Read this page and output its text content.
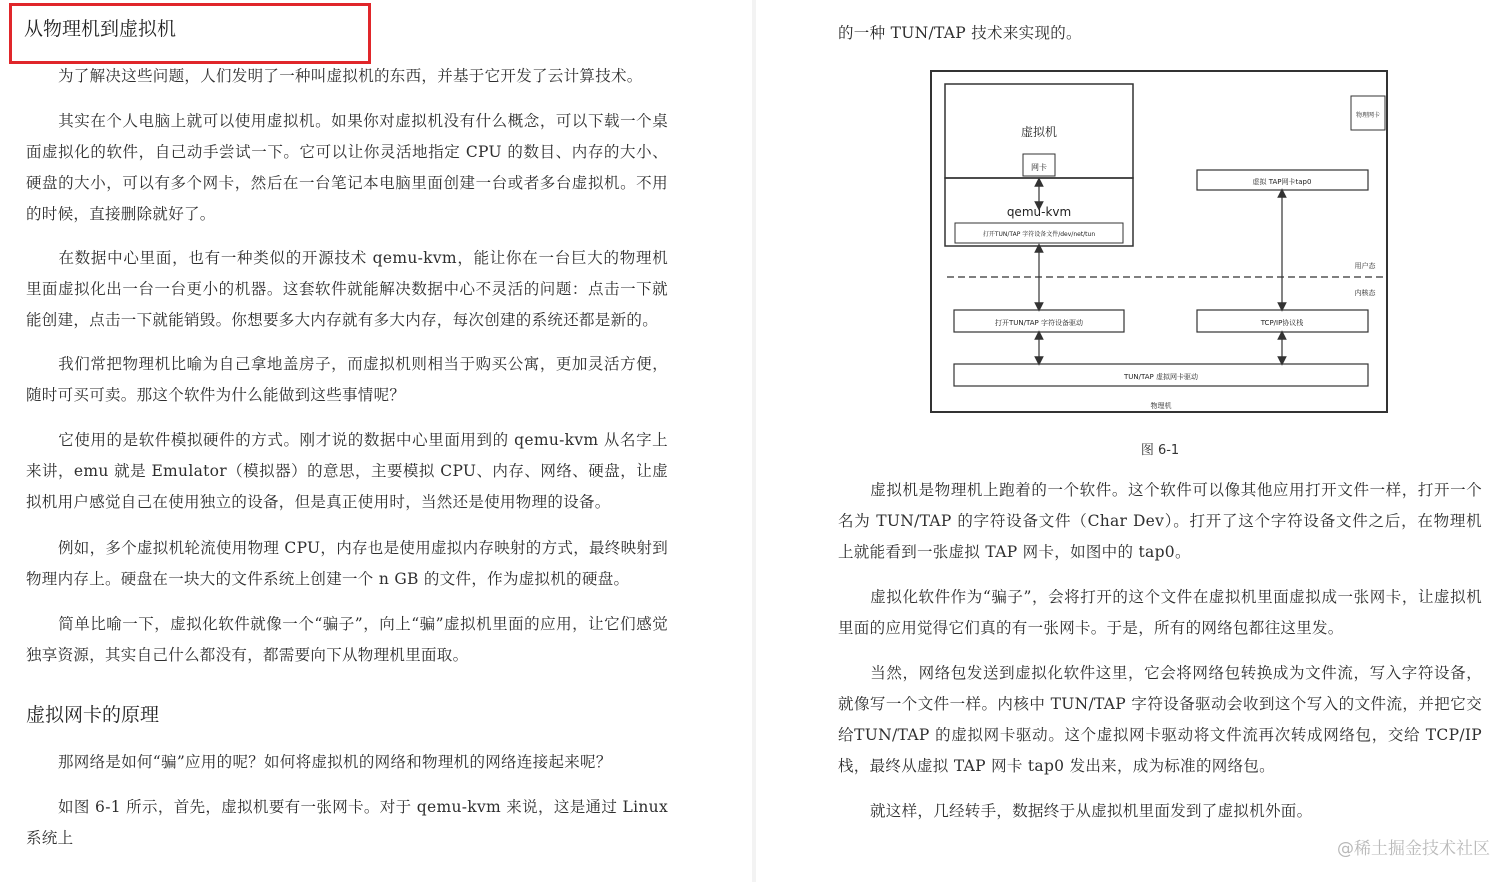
从物理机到虚拟机

为了解决这些问题，人们发明了一种叫虚拟机的东西，并基于它开发了云计算技术。

其实在个人电脑上就可以使用虚拟机。如果你对虚拟机没有什么概念，可以下载一个桌面虚拟化的软件，自己动手尝试一下。它可以让你灵活地指定 CPU 的数目、内存的大小、硬盘的大小，可以有多个网卡，然后在一台笔记本电脑里面创建一台或者多台虚拟机。不用的时候，直接删除就好了。

在数据中心里面，也有一种类似的开源技术 qemu-kvm，能让你在一台巨大的物理机里面虚拟化出一台一台更小的机器。这套软件就能解决数据中心不灵活的问题：点击一下就能创建，点击一下就能销毁。你想要多大内存就有多大内存，每次创建的系统还都是新的。

我们常把物理机比喻为自己拿地盖房子，而虚拟机则相当于购买公寓，更加灵活方便，随时可买可卖。那这个软件为什么能做到这些事情呢？

它使用的是软件模拟硬件的方式。刚才说的数据中心里面用到的 qemu-kvm 从名字上来讲，emu 就是 Emulator（模拟器）的意思，主要模拟 CPU、内存、网络、硬盘，让虚拟机用户感觉自己在使用独立的设备，但是真正使用时，当然还是使用物理的设备。

例如，多个虚拟机轮流使用物理 CPU，内存也是使用虚拟内存映射的方式，最终映射到物理内存上。硬盘在一块大的文件系统上创建一个 n GB 的文件，作为虚拟机的硬盘。

简单比喻一下，虚拟化软件就像一个“骗子”，向上“骗”虚拟机里面的应用，让它们感觉独享资源，其实自己什么都没有，都需要向下从物理机里面取。

虚拟网卡的原理

那网络是如何“骗”应用的呢？如何将虚拟机的网络和物理机的网络连接起来呢？

如图 6-1 所示，首先，虚拟机要有一张网卡。对于 qemu-kvm 来说，这是通过 Linux 系统上

的一种 TUN/TAP 技术来实现的。

虚拟机
网卡
qemu-kvm
打开TUN/TAP 字符设备文件/dev/net/tun
物理网卡
虚拟 TAP网卡tap0
用户态
内核态
打开TUN/TAP 字符设备驱动	TCP/IP协议栈
TUN/TAP 虚拟网卡驱动
物理机
图 6-1

虚拟机是物理机上跑着的一个软件。这个软件可以像其他应用打开文件一样，打开一个名为 TUN/TAP 的字符设备文件（Char Dev）。打开了这个字符设备文件之后，在物理机上就能看到一张虚拟 TAP 网卡，如图中的 tap0。

虚拟化软件作为“骗子”，会将打开的这个文件在虚拟机里面虚拟成一张网卡，让虚拟机里面的应用觉得它们真的有一张网卡。于是，所有的网络包都往这里发。

当然，网络包发送到虚拟化软件这里，它会将网络包转换成为文件流，写入字符设备，就像写一个文件一样。内核中 TUN/TAP 字符设备驱动会收到这个写入的文件流，并把它交给TUN/TAP 的虚拟网卡驱动。这个虚拟网卡驱动将文件流再次转成网络包，交给 TCP/IP 栈，最终从虚拟 TAP 网卡 tap0 发出来，成为标准的网络包。

就这样，几经转手，数据终于从虚拟机里面发到了虚拟机外面。

@稀土掘金技术社区
